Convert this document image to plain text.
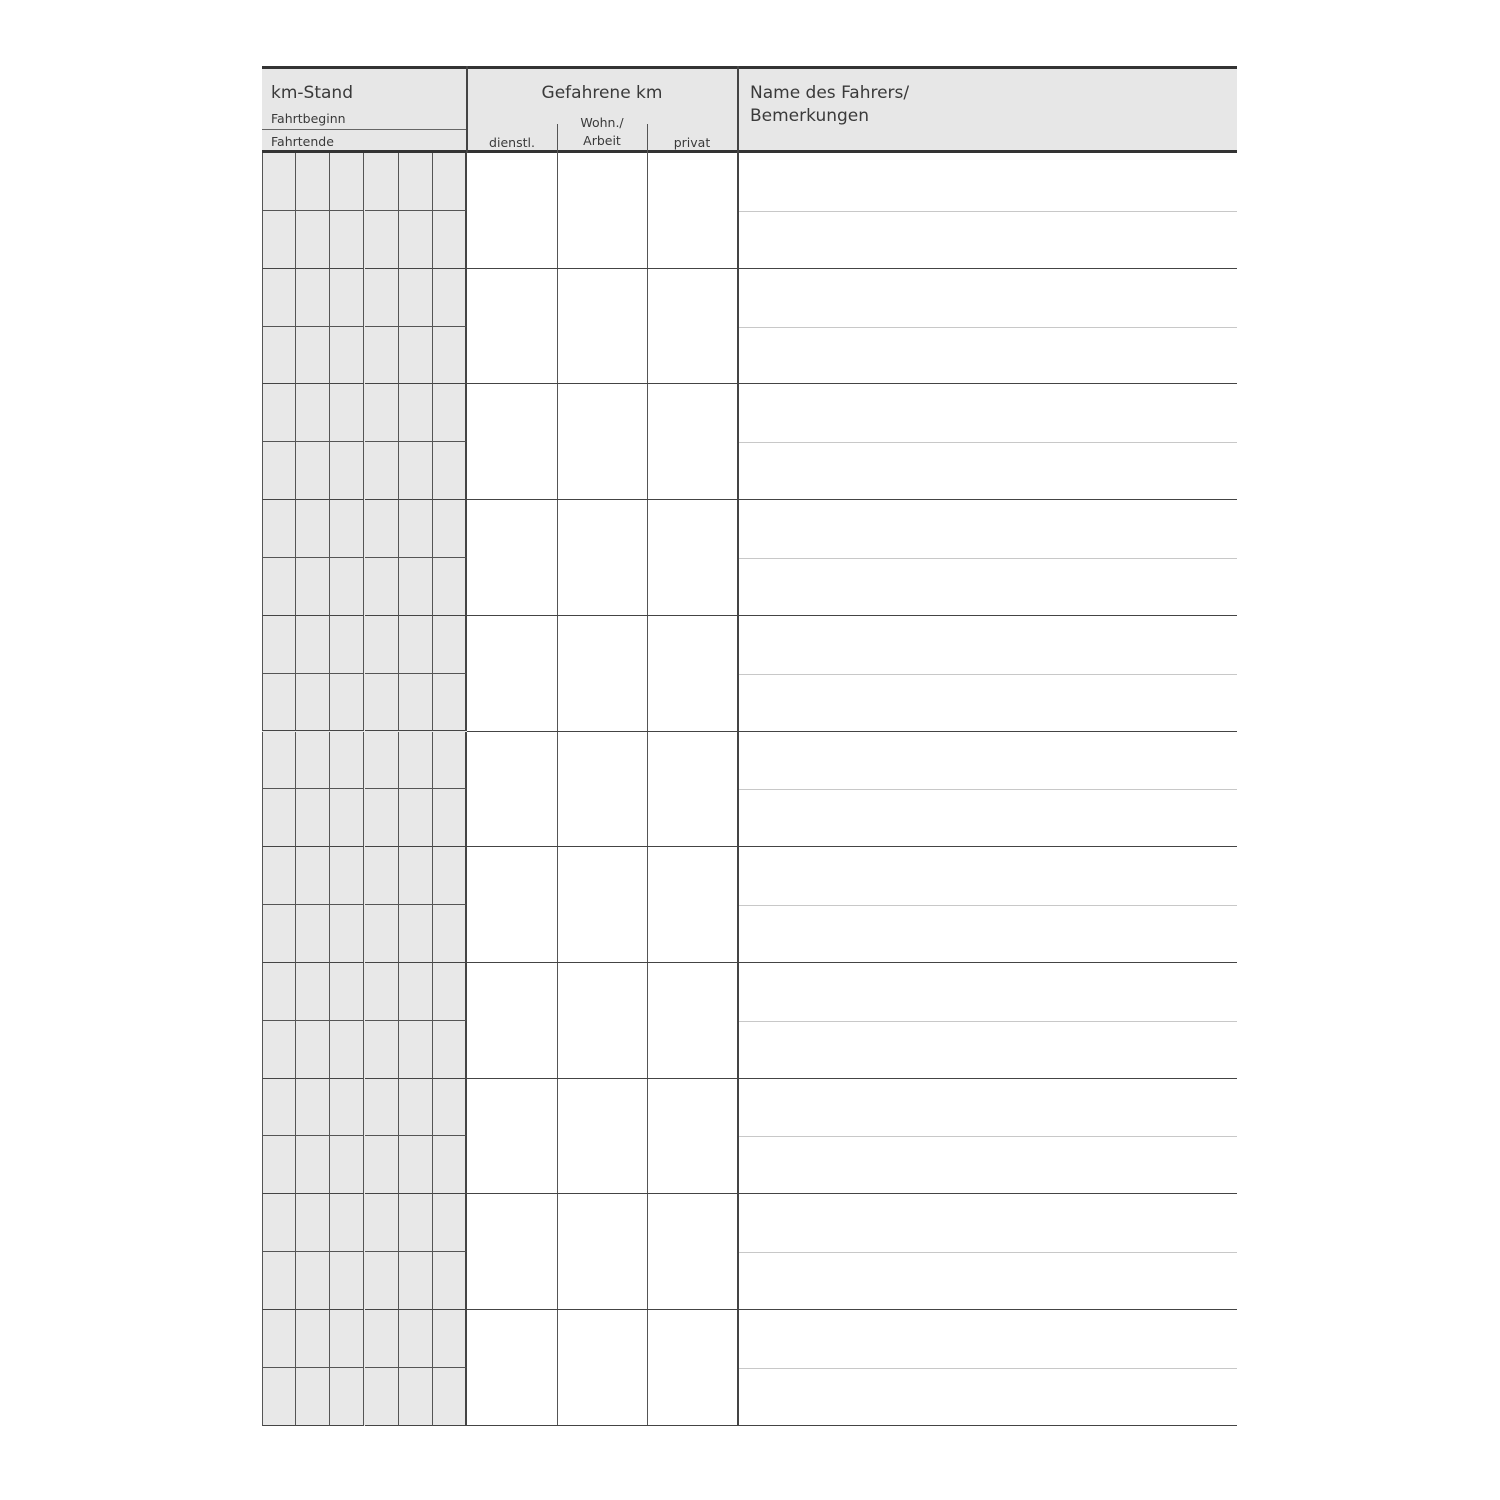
km-Stand
Fahrtbeginn
Fahrtende
Gefahrene km
dienstl.
Wohn./
Arbeit	privat
Name des Fahrers/
Bemerkungen
